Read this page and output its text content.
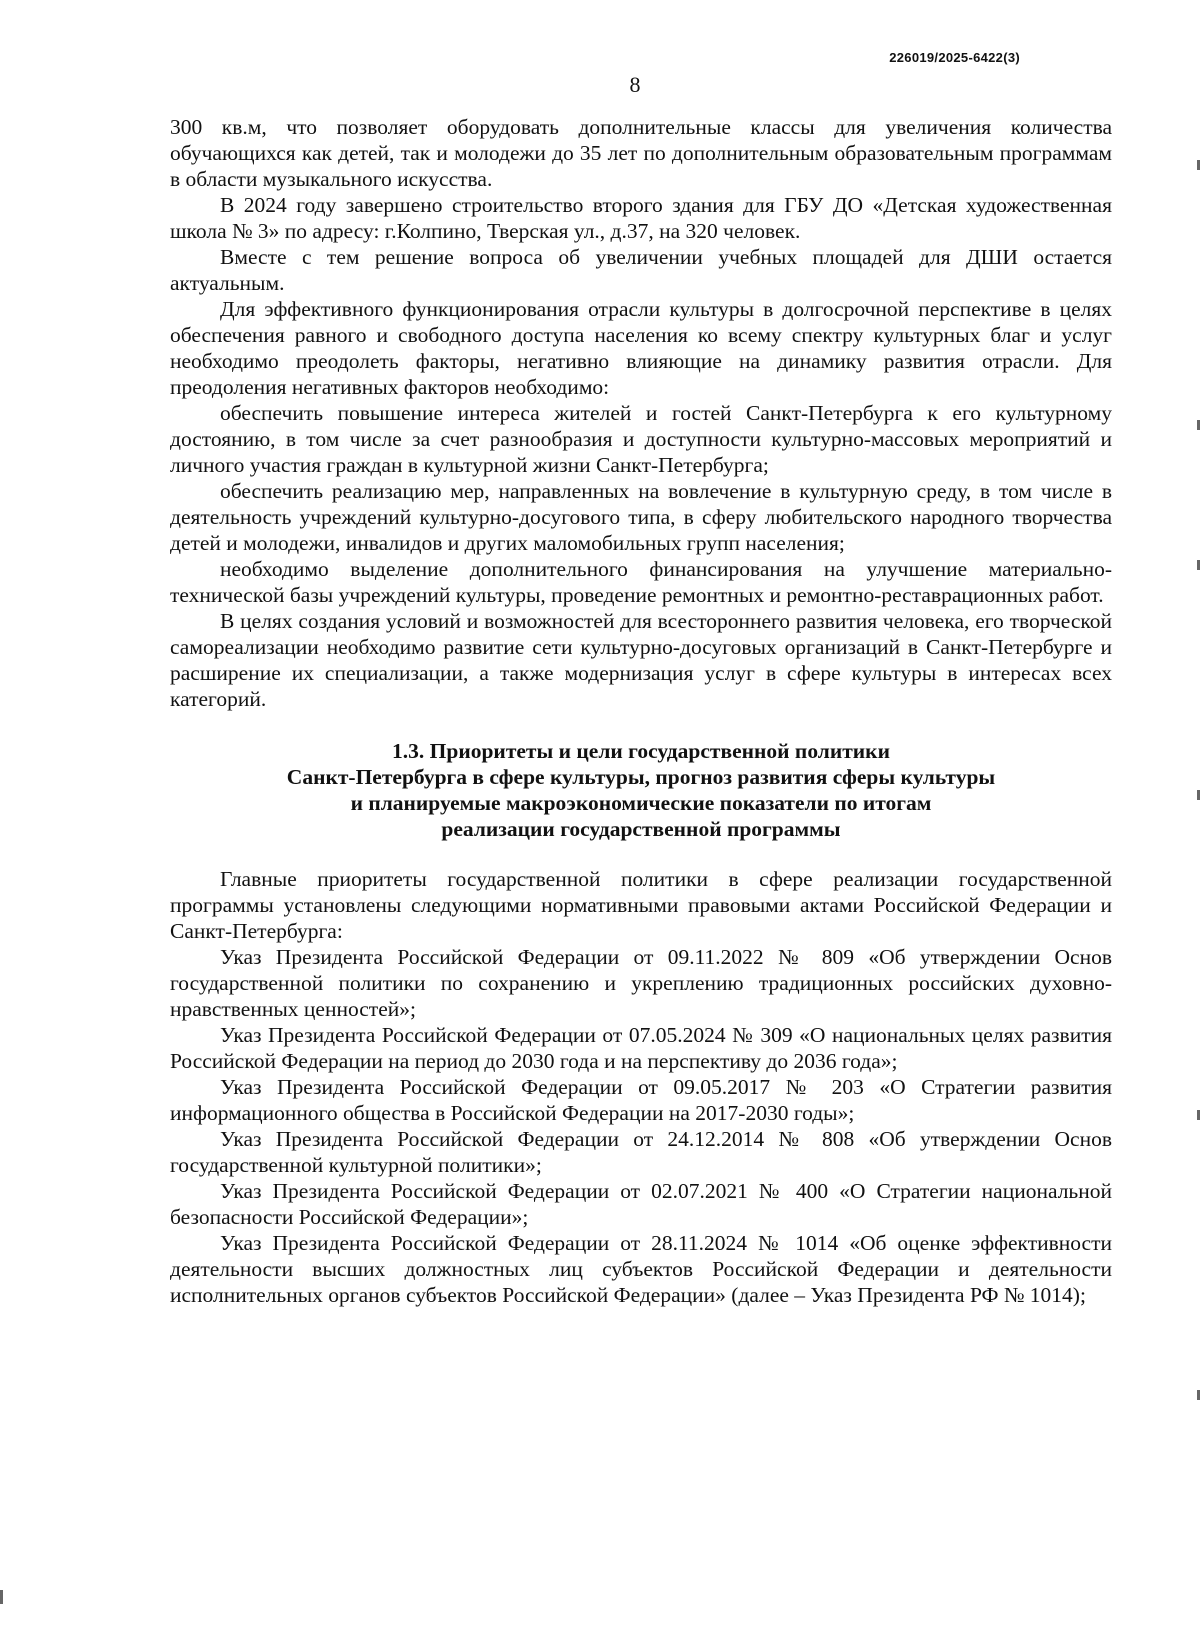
226019/2025-6422(3)
8

300 кв.м, что позволяет оборудовать дополнительные классы для увеличения количества обучающихся как детей, так и молодежи до 35 лет по дополнительным образовательным программам в области музыкального искусства.

В 2024 году завершено строительство второго здания для ГБУ ДО «Детская художественная школа № 3» по адресу: г.Колпино, Тверская ул., д.37, на 320 человек.

Вместе с тем решение вопроса об увеличении учебных площадей для ДШИ остается актуальным.

Для эффективного функционирования отрасли культуры в долгосрочной перспективе в целях обеспечения равного и свободного доступа населения ко всему спектру культурных благ и услуг необходимо преодолеть факторы, негативно влияющие на динамику развития отрасли. Для преодоления негативных факторов необходимо:

обеспечить повышение интереса жителей и гостей Санкт-Петербурга к его культурному достоянию, в том числе за счет разнообразия и доступности культурно-массовых мероприятий и личного участия граждан в культурной жизни Санкт-Петербурга;

обеспечить реализацию мер, направленных на вовлечение в культурную среду, в том числе в деятельность учреждений культурно-досугового типа, в сферу любительского народного творчества детей и молодежи, инвалидов и других маломобильных групп населения;

необходимо выделение дополнительного финансирования на улучшение материально-технической базы учреждений культуры, проведение ремонтных и ремонтно-реставрационных работ.

В целях создания условий и возможностей для всестороннего развития человека, его творческой самореализации необходимо развитие сети культурно-досуговых организаций в Санкт-Петербурге и расширение их специализации, а также модернизация услуг в сфере культуры в интересах всех категорий.

1.3. Приоритеты и цели государственной политики
Санкт-Петербурга в сфере культуры, прогноз развития сферы культуры
и планируемые макроэкономические показатели по итогам
реализации государственной программы

Главные приоритеты государственной политики в сфере реализации государственной программы установлены следующими нормативными правовыми актами Российской Федерации и Санкт-Петербурга:

Указ Президента Российской Федерации от 09.11.2022 № 809 «Об утверждении Основ государственной политики по сохранению и укреплению традиционных российских духовно-нравственных ценностей»;

Указ Президента Российской Федерации от 07.05.2024 № 309 «О национальных целях развития Российской Федерации на период до 2030 года и на перспективу до 2036 года»;

Указ Президента Российской Федерации от 09.05.2017 № 203 «О Стратегии развития информационного общества в Российской Федерации на 2017-2030 годы»;

Указ Президента Российской Федерации от 24.12.2014 № 808 «Об утверждении Основ государственной культурной политики»;

Указ Президента Российской Федерации от 02.07.2021 № 400 «О Стратегии национальной безопасности Российской Федерации»;

Указ Президента Российской Федерации от 28.11.2024 № 1014 «Об оценке эффективности деятельности высших должностных лиц субъектов Российской Федерации и деятельности исполнительных органов субъектов Российской Федерации» (далее – Указ Президента РФ № 1014);
